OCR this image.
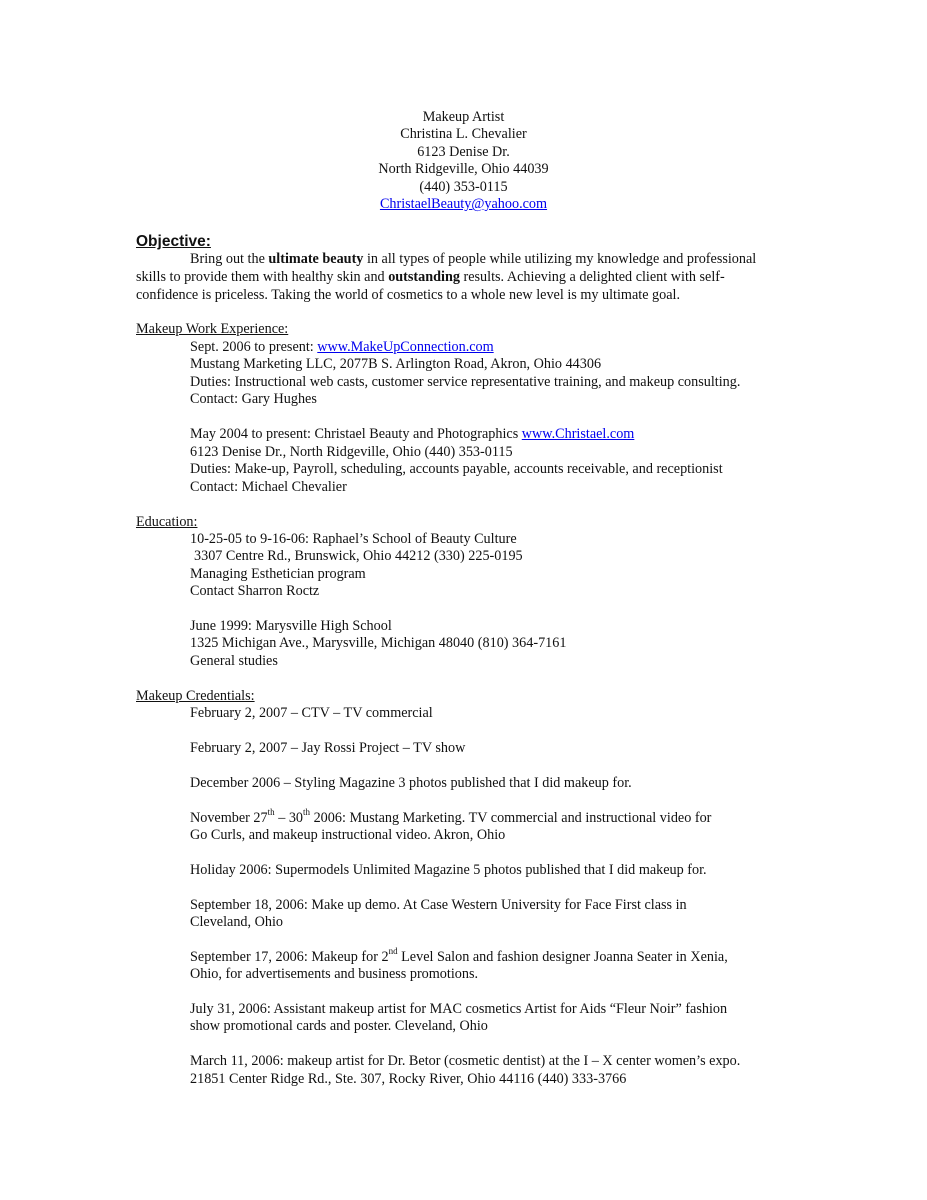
Makeup Artist
Christina L. Chevalier
6123 Denise Dr.
North Ridgeville, Ohio 44039
(440) 353-0115
ChristaelBeauty@yahoo.com
Objective:
Bring out the ultimate beauty in all types of people while utilizing my knowledge and professional
skills to provide them with healthy skin and outstanding results. Achieving a delighted client with self-
confidence is priceless. Taking the world of cosmetics to a whole new level is my ultimate goal.
Makeup Work Experience:
Sept. 2006 to present: www.MakeUpConnection.com
Mustang Marketing LLC, 2077B S. Arlington Road, Akron, Ohio 44306
Duties: Instructional web casts, customer service representative training, and makeup consulting.
Contact: Gary Hughes
May 2004 to present: Christael Beauty and Photographics www.Christael.com
6123 Denise Dr., North Ridgeville, Ohio (440) 353-0115
Duties: Make-up, Payroll, scheduling, accounts payable, accounts receivable, and receptionist
Contact: Michael Chevalier
Education:
10-25-05 to 9-16-06: Raphael’s School of Beauty Culture
3307 Centre Rd., Brunswick, Ohio 44212 (330) 225-0195
Managing Esthetician program
Contact Sharron Roctz
June 1999: Marysville High School
1325 Michigan Ave., Marysville, Michigan 48040 (810) 364-7161
General studies
Makeup Credentials:
February 2, 2007 – CTV – TV commercial
February 2, 2007 – Jay Rossi Project – TV show
December 2006 – Styling Magazine 3 photos published that I did makeup for.
November 27th – 30th 2006: Mustang Marketing. TV commercial and instructional video for
Go Curls, and makeup instructional video. Akron, Ohio
Holiday 2006: Supermodels Unlimited Magazine 5 photos published that I did makeup for.
September 18, 2006: Make up demo. At Case Western University for Face First class in
Cleveland, Ohio
September 17, 2006: Makeup for 2nd Level Salon and fashion designer Joanna Seater in Xenia,
Ohio, for advertisements and business promotions.
July 31, 2006: Assistant makeup artist for MAC cosmetics Artist for Aids “Fleur Noir” fashion
show promotional cards and poster. Cleveland, Ohio
March 11, 2006: makeup artist for Dr. Betor (cosmetic dentist) at the I – X center women’s expo.
21851 Center Ridge Rd., Ste. 307, Rocky River, Ohio 44116 (440) 333-3766
